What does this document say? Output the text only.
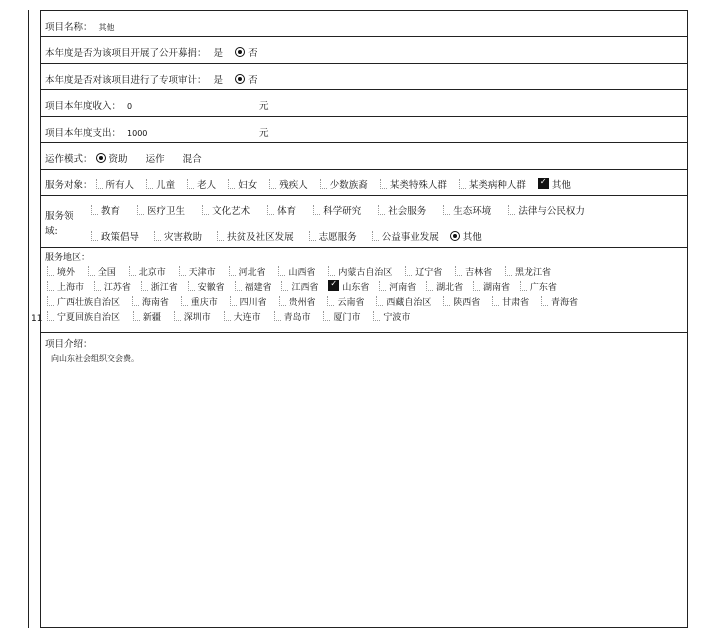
11
项目名称： 其他
本年度是否为该项目开展了公开募捐： 是	否
本年度是否对该项目进行了专项审计： 是	否
项目本年度收入： 0	元
项目本年度支出： 1000	元
运作模式： 资助 运作 混合
服务对象： 所有人 儿童 老人 妇女 残疾人 少数族裔 某类特殊人群 某类病种人群 ✓	其他
服务领
域:
教育	医疗卫生	文化艺术	体育	科学研究	社会服务	生态环境	法律与公民权力
政策倡导	灾害救助	扶贫及社区发展	志愿服务	公益事业发展	其他
服务地区：
境外	全国	北京市	天津市	河北省	山西省	内蒙古自治区	辽宁省	吉林省	黑龙江省
上海市 江苏省 浙江省 安徽省 福建省 江西省 ✓	山东省 河南省 湖北省 湖南省 广东省
广西壮族自治区 海南省 重庆市 四川省 贵州省 云南省 西藏自治区 陕西省 甘肃省 青海省
宁夏回族自治区	新疆	深圳市	大连市	青岛市	厦门市	宁波市
项目介绍：
向山东社会组织交会费。
